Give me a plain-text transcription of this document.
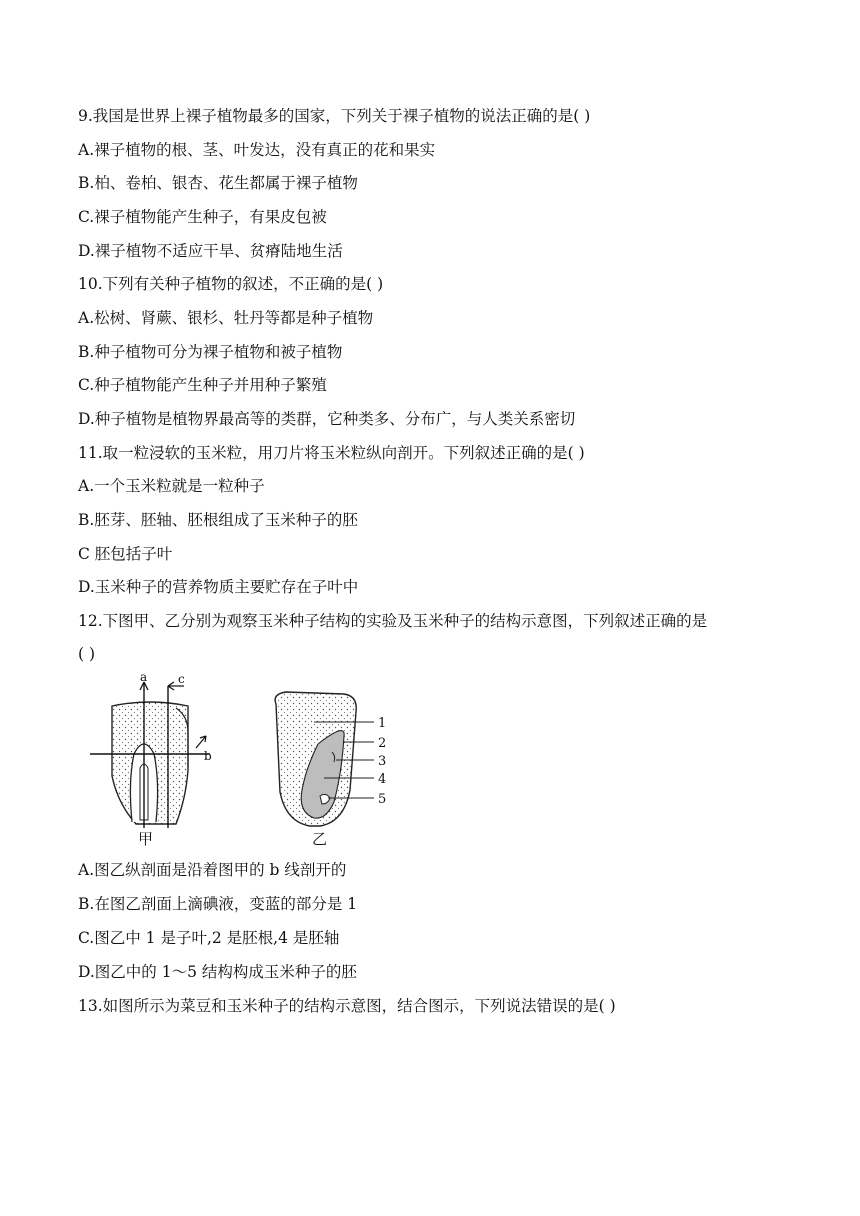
9.我国是世界上裸子植物最多的国家，下列关于裸子植物的说法正确的是( )
A.裸子植物的根、茎、叶发达，没有真正的花和果实
B.柏、卷柏、银杏、花生都属于裸子植物
C.裸子植物能产生种子，有果皮包被
D.裸子植物不适应干旱、贫瘠陆地生活
10.下列有关种子植物的叙述，不正确的是( )
A.松树、肾蕨、银杉、牡丹等都是种子植物
B.种子植物可分为裸子植物和被子植物
C.种子植物能产生种子并用种子繁殖
D.种子植物是植物界最高等的类群，它种类多、分布广，与人类关系密切
11.取一粒浸软的玉米粒，用刀片将玉米粒纵向剖开。下列叙述正确的是( )
A.一个玉米粒就是一粒种子
B.胚芽、胚轴、胚根组成了玉米种子的胚
C 胚包括子叶
D.玉米种子的营养物质主要贮存在子叶中
12.下图甲、乙分别为观察玉米种子结构的实验及玉米种子的结构示意图，下列叙述正确的是
( )
a
b
c
甲
1
2
3
4
5
乙
A.图乙纵剖面是沿着图甲的 b 线剖开的
B.在图乙剖面上滴碘液，变蓝的部分是 1
C.图乙中 1 是子叶,2 是胚根,4 是胚轴
D.图乙中的 1～5 结构构成玉米种子的胚
13.如图所示为菜豆和玉米种子的结构示意图，结合图示，下列说法错误的是( )
